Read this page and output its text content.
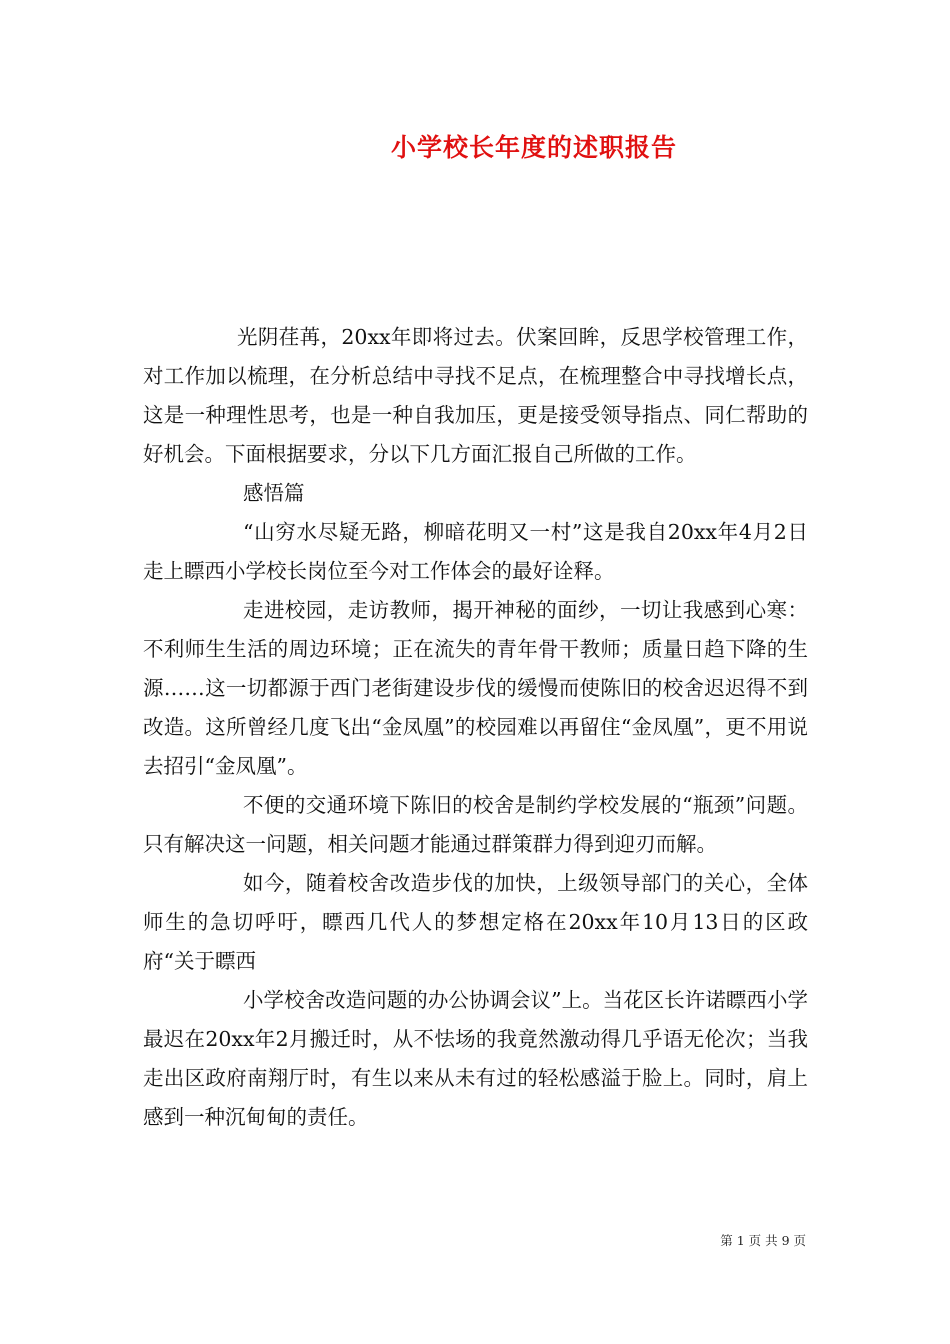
小学校长年度的述职报告

光阴荏苒，20xx年即将过去。伏案回眸，反思学校管理工作，对工作加以梳理，在分析总结中寻找不足点，在梳理整合中寻找增长点，这是一种理性思考，也是一种自我加压，更是接受领导指点、同仁帮助的好机会。下面根据要求，分以下几方面汇报自己所做的工作。

感悟篇

“山穷水尽疑无路，柳暗花明又一村”这是我自20xx年4月2日走上瞟西小学校长岗位至今对工作体会的最好诠释。

走进校园，走访教师，揭开神秘的面纱，一切让我感到心寒：不利师生生活的周边环境；正在流失的青年骨干教师；质量日趋下降的生源……这一切都源于西门老街建设步伐的缓慢而使陈旧的校舍迟迟得不到改造。这所曾经几度飞出“金凤凰”的校园难以再留住“金凤凰”，更不用说去招引“金凤凰”。

不便的交通环境下陈旧的校舍是制约学校发展的“瓶颈”问题。只有解决这一问题，相关问题才能通过群策群力得到迎刃而解。

如今，随着校舍改造步伐的加快，上级领导部门的关心，全体师生的急切呼吁，瞟西几代人的梦想定格在20xx年10月13日的区政府“关于瞟西

小学校舍改造问题的办公协调会议”上。当花区长许诺瞟西小学最迟在20xx年2月搬迁时，从不怯场的我竟然激动得几乎语无伦次；当我走出区政府南翔厅时，有生以来从未有过的轻松感溢于脸上。同时，肩上感到一种沉甸甸的责任。

第 1 页 共 9 页
